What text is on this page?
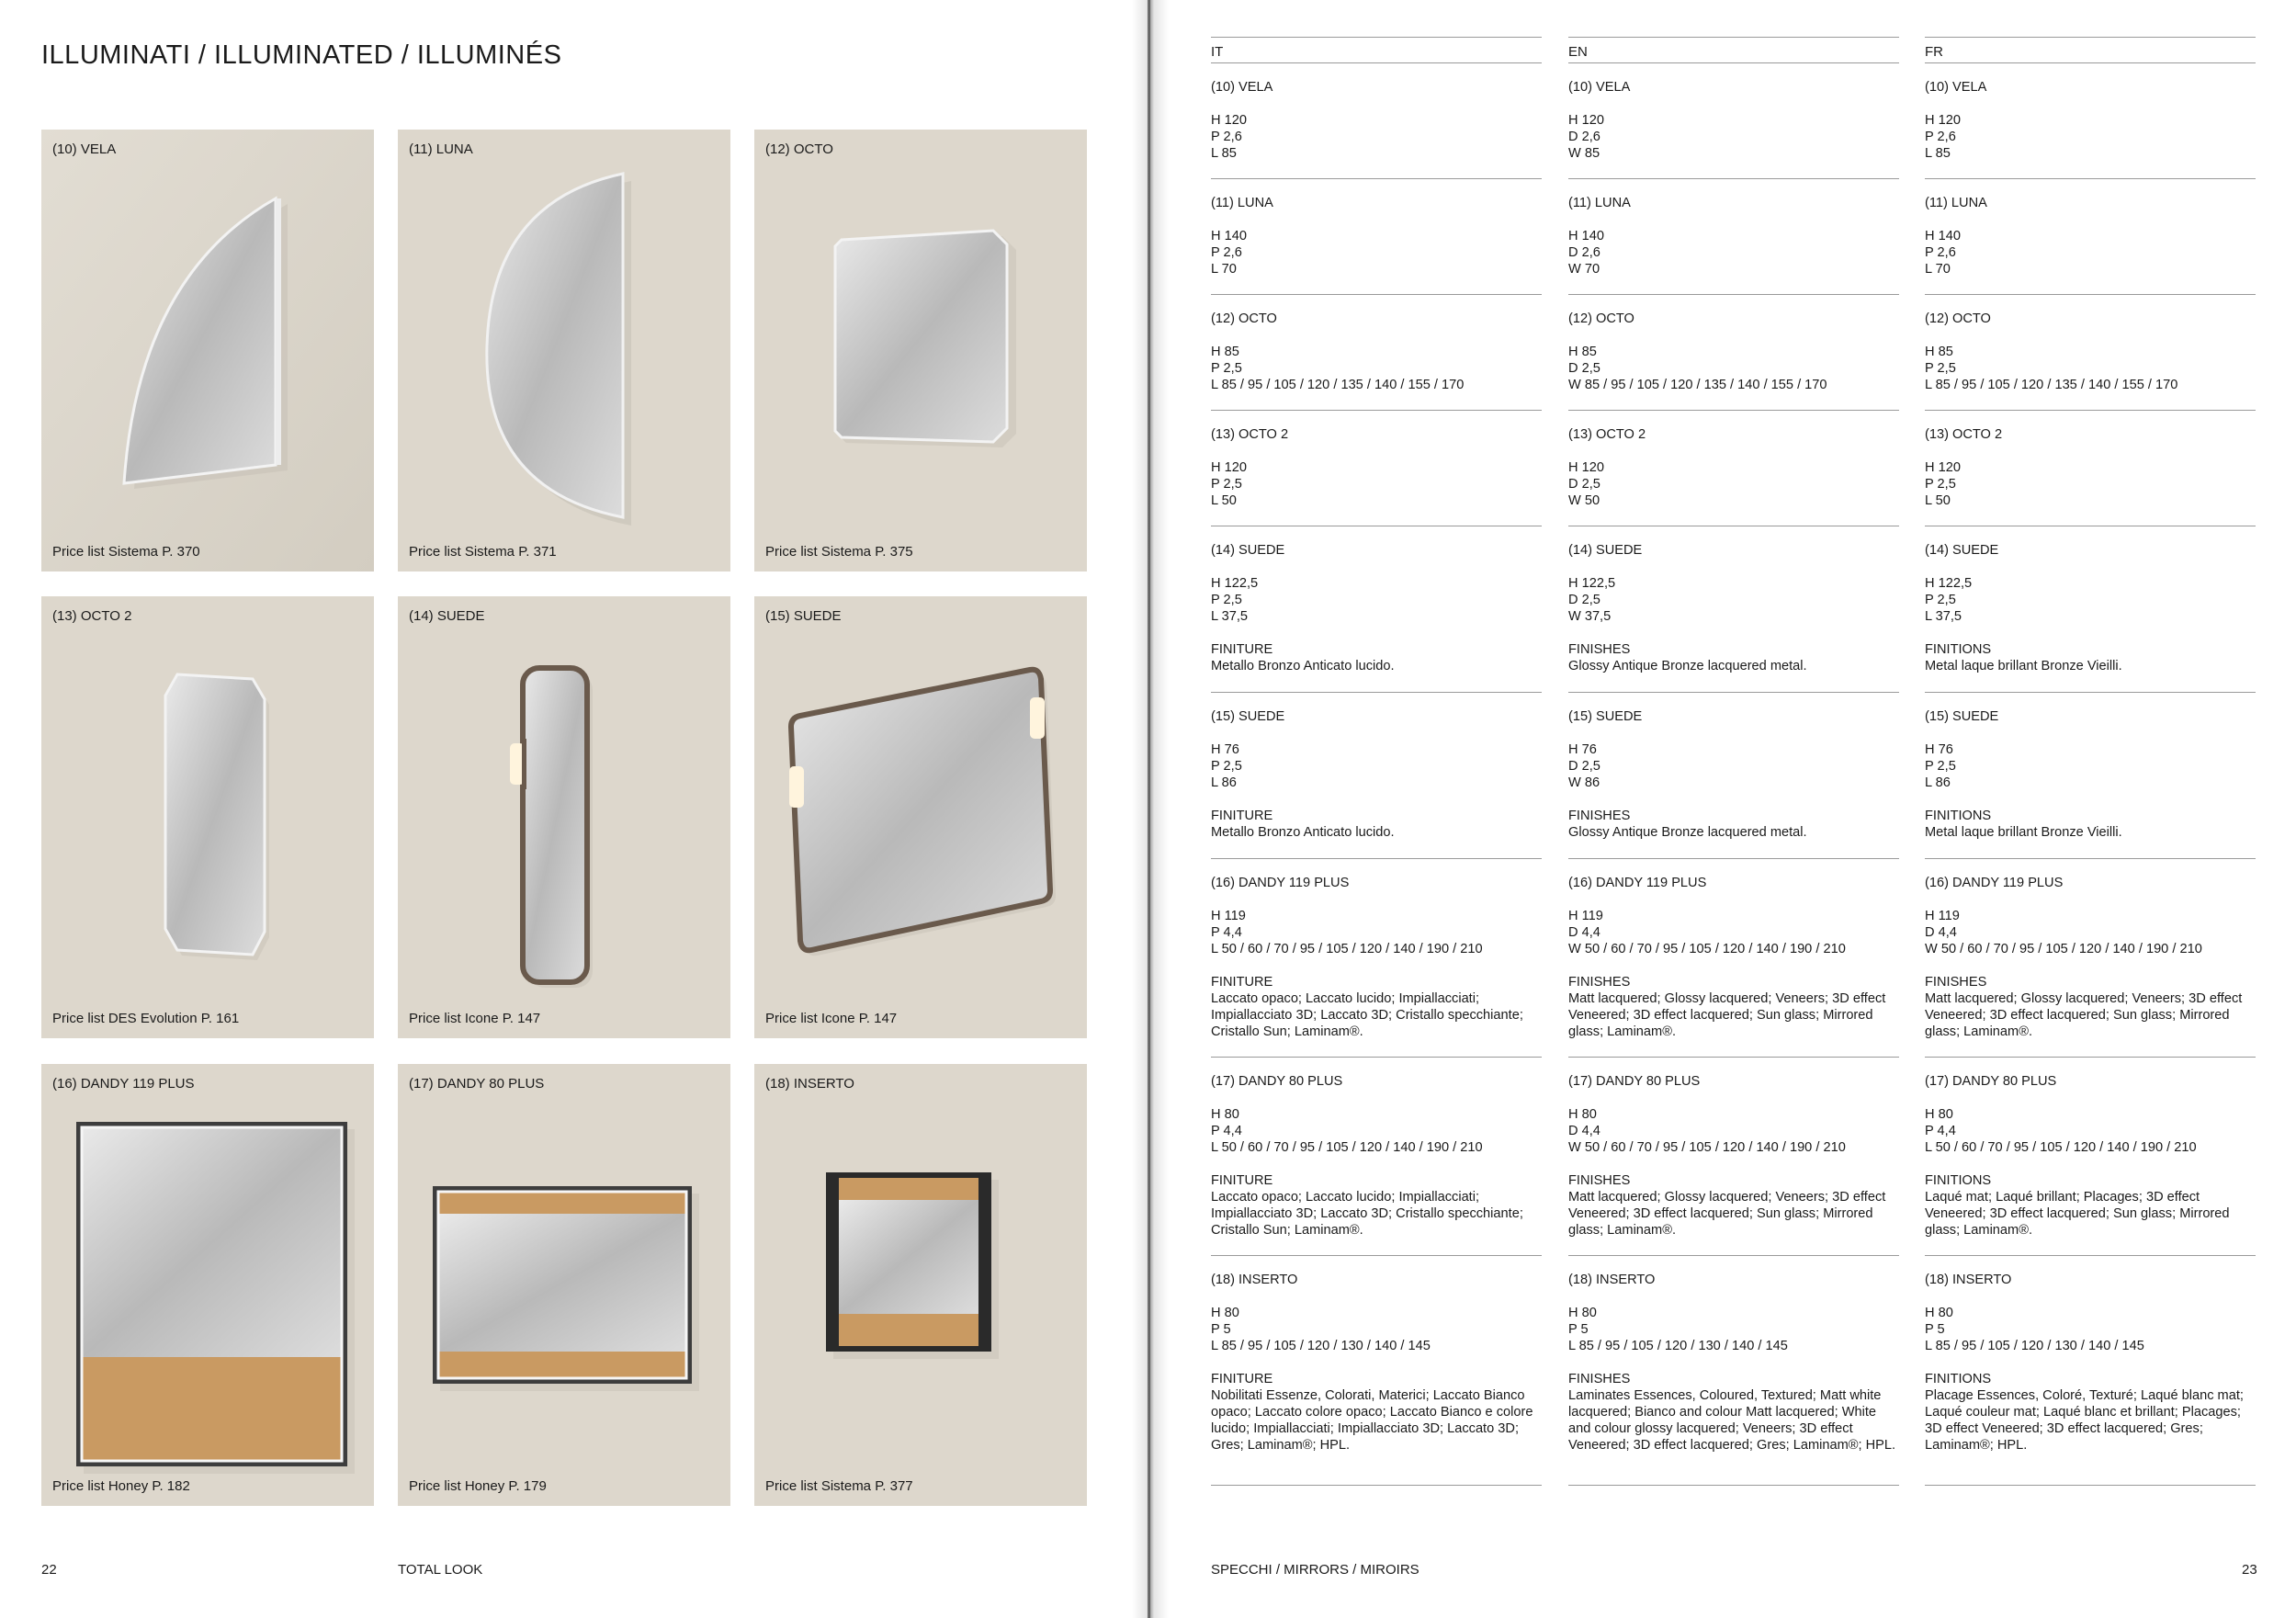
ILLUMINATI / ILLUMINATED / ILLUMINÉS
(10) VELA
Price list Sistema P. 370
(11) LUNA
Price list Sistema P. 371
(12) OCTO
Price list Sistema P. 375
(13) OCTO 2
Price list DES Evolution P. 161
(14) SUEDE
Price list Icone P. 147
(15) SUEDE
Price list Icone P. 147
(16) DANDY 119 PLUS
Price list Honey P. 182
(17) DANDY 80 PLUS
Price list Honey P. 179
(18) INSERTO
Price list Sistema P. 377
22	TOTAL LOOK
IT
(10) VELA
H 120
P 2,6
L 85
(11) LUNA
H 140
P 2,6
L 70
(12) OCTO
H 85
P 2,5
L 85 / 95 / 105 / 120 / 135 / 140 / 155 / 170
(13) OCTO 2
H 120
P 2,5
L 50
(14) SUEDE
H 122,5
P 2,5
L 37,5
FINITURE
Metallo Bronzo Anticato lucido.
(15) SUEDE
H 76
P 2,5
L 86
FINITURE
Metallo Bronzo Anticato lucido.
(16) DANDY 119 PLUS
H 119
P 4,4
L 50 / 60 / 70 / 95 / 105 / 120 / 140 / 190 / 210
FINITURE
Laccato opaco; Laccato lucido; Impiallacciati; Impiallacciato 3D; Laccato 3D; Cristallo specchiante; Cristallo Sun; Laminam®.
(17) DANDY 80 PLUS
H 80
P 4,4
L 50 / 60 / 70 / 95 / 105 / 120 / 140 / 190 / 210
FINITURE
Laccato opaco; Laccato lucido; Impiallacciati; Impiallacciato 3D; Laccato 3D; Cristallo specchiante; Cristallo Sun; Laminam®.
(18) INSERTO
H 80
P 5
L 85 / 95 / 105 / 120 / 130 / 140 / 145
FINITURE
Nobilitati Essenze, Colorati, Materici; Laccato Bianco opaco; Laccato colore opaco; Laccato Bianco e colore lucido; Impiallacciati; Impiallacciato 3D; Laccato 3D; Gres; Laminam®; HPL.
EN
(10) VELA
H 120
D 2,6
W 85
(11) LUNA
H 140
D 2,6
W 70
(12) OCTO
H 85
D 2,5
W 85 / 95 / 105 / 120 / 135 / 140 / 155 / 170
(13) OCTO 2
H 120
D 2,5
W 50
(14) SUEDE
H 122,5
D 2,5
W 37,5
FINISHES
Glossy Antique Bronze lacquered metal.
(15) SUEDE
H 76
D 2,5
W 86
FINISHES
Glossy Antique Bronze lacquered metal.
(16) DANDY 119 PLUS
H 119
D 4,4
W 50 / 60 / 70 / 95 / 105 / 120 / 140 / 190 / 210
FINISHES
Matt lacquered; Glossy lacquered; Veneers; 3D effect Veneered; 3D effect lacquered; Sun glass; Mirrored glass; Laminam®.
(17) DANDY 80 PLUS
H 80
D 4,4
W 50 / 60 / 70 / 95 / 105 / 120 / 140 / 190 / 210
FINISHES
Matt lacquered; Glossy lacquered; Veneers; 3D effect Veneered; 3D effect lacquered; Sun glass; Mirrored glass; Laminam®.
(18) INSERTO
H 80
P 5
L 85 / 95 / 105 / 120 / 130 / 140 / 145
FINISHES
Laminates Essences, Coloured, Textured; Matt white lacquered; Bianco and colour Matt lacquered; White and colour glossy lacquered; Veneers; 3D effect Veneered; 3D effect lacquered; Gres; Laminam®; HPL.
FR
(10) VELA
H 120
P 2,6
L 85
(11) LUNA
H 140
P 2,6
L 70
(12) OCTO
H 85
P 2,5
L 85 / 95 / 105 / 120 / 135 / 140 / 155 / 170
(13) OCTO 2
H 120
P 2,5
L 50
(14) SUEDE
H 122,5
P 2,5
L 37,5
FINITIONS
Metal laque brillant Bronze Vieilli.
(15) SUEDE
H 76
P 2,5
L 86
FINITIONS
Metal laque brillant Bronze Vieilli.
(16) DANDY 119 PLUS
H 119
D 4,4
W 50 / 60 / 70 / 95 / 105 / 120 / 140 / 190 / 210
FINISHES
Matt lacquered; Glossy lacquered; Veneers; 3D effect Veneered; 3D effect lacquered; Sun glass; Mirrored glass; Laminam®.
(17) DANDY 80 PLUS
H 80
P 4,4
L 50 / 60 / 70 / 95 / 105 / 120 / 140 / 190 / 210
FINITIONS
Laqué mat; Laqué brillant; Placages; 3D effect Veneered; 3D effect lacquered; Sun glass; Mirrored glass; Laminam®.
(18) INSERTO
H 80
P 5
L 85 / 95 / 105 / 120 / 130 / 140 / 145
FINITIONS
Placage Essences, Coloré, Texturé; Laqué blanc mat; Laqué couleur mat; Laqué blanc et brillant; Placages; 3D effect Veneered; 3D effect lacquered; Gres; Laminam®; HPL.
SPECCHI / MIRRORS / MIROIRS	23
